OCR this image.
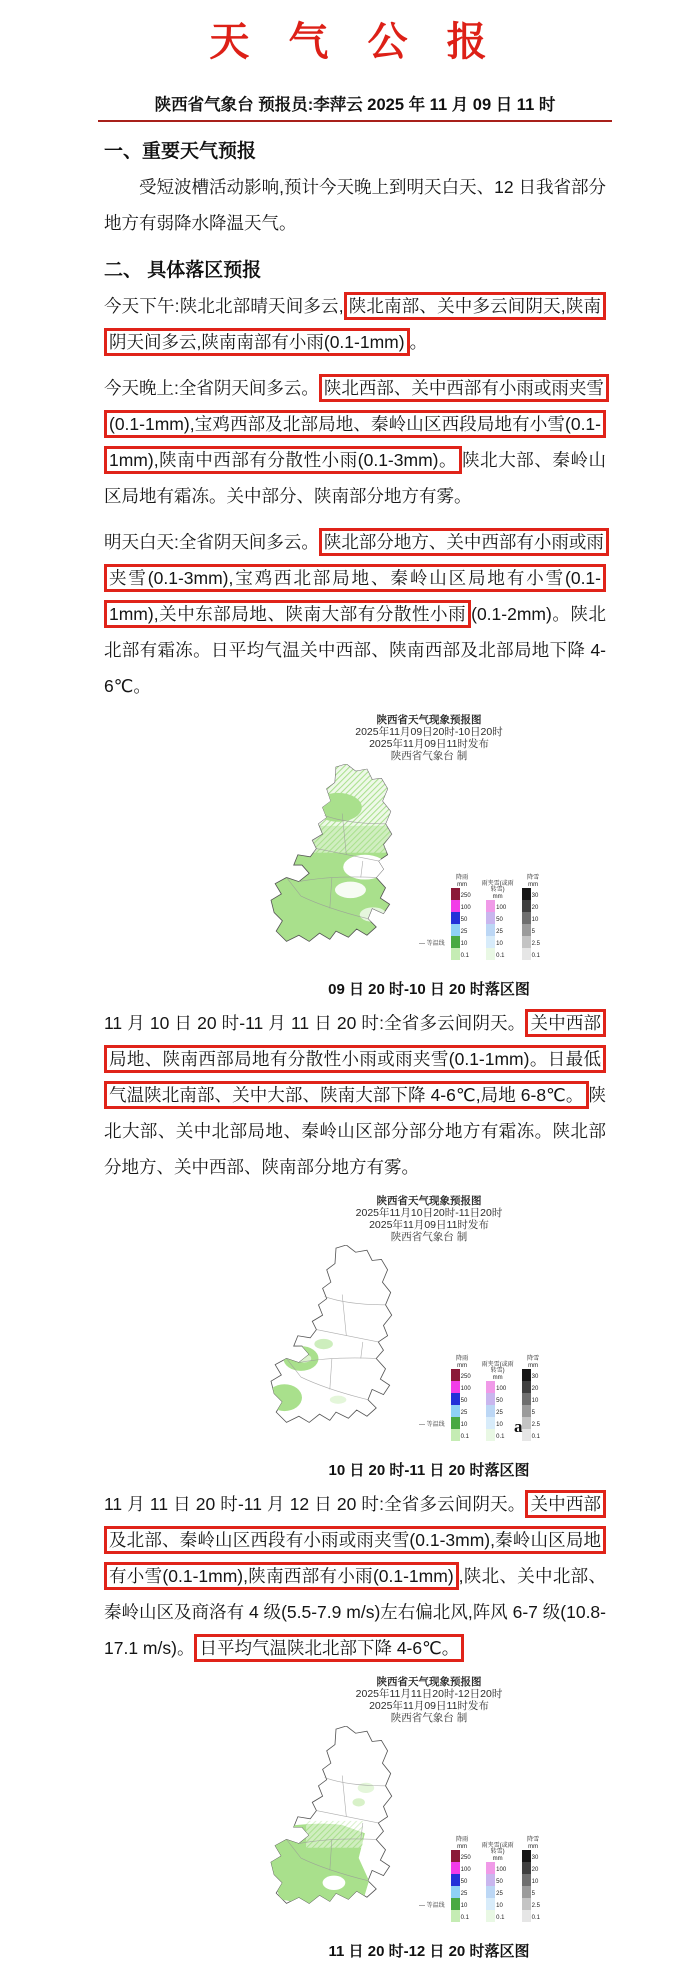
天 气 公 报
陕西省气象台 预报员:李萍云 2025 年 11 月 09 日 11 时
一、重要天气预报

受短波槽活动影响,预计今天晚上到明天白天、12 日我省部分地方有弱降水降温天气。

二、 具体落区预报

今天下午:陕北北部晴天间多云, 陕北南部、关中多云间阴天,陕南阴天间多云,陕南南部有小雨(0.1-1mm) 。

今天晚上:全省阴天间多云。 陕北西部、关中西部有小雨或雨夹雪(0.1-1mm),宝鸡西部及北部局地、秦岭山区西段局地有小雪(0.1-1mm),陕南中西部有分散性小雨(0.1-3mm)。 陕北大部、秦岭山区局地有霜冻。关中部分、陕南部分地方有雾。

明天白天:全省阴天间多云。 陕北部分地方、关中西部有小雨或雨夹雪(0.1-3mm),宝鸡西北部局地、秦岭山区局地有小雪(0.1-1mm),关中东部局地、陕南大部有分散性小雨 (0.1-2mm)。陕北北部有霜冻。日平均气温关中西部、陕南西部及北部局地下降 4-6℃。

陕西省天气现象预报图
2025年11月09日20时-10日20时
2025年11月09日11时发布
陕西省气象台 制
— 等温线
降雨
mm
250
100
50
25
10
0.1
雨夹雪(或雨转雪)
mm
100
50
25
10
0.1
降雪
mm
30
20
10
5
2.5
0.1
09 日 20 时-10 日 20 时落区图

11 月 10 日 20 时-11 月 11 日 20 时:全省多云间阴天。 关中西部局地、陕南西部局地有分散性小雨或雨夹雪(0.1-1mm)。日最低气温陕北南部、关中大部、陕南大部下降 4-6℃,局地 6-8℃。 陕北大部、关中北部局地、秦岭山区部分部分地方有霜冻。陕北部分地方、关中西部、陕南部分地方有雾。

陕西省天气现象预报图
2025年11月10日20时-11日20时
2025年11月09日11时发布
陕西省气象台 制
— 等温线
降雨
mm
250
100
50
25
10
0.1
雨夹雪(或雨转雪)
mm
100
50
25
10
0.1
降雪
mm
30
20
10
5
2.5
0.1
a
10 日 20 时-11 日 20 时落区图

11 月 11 日 20 时-11 月 12 日 20 时:全省多云间阴天。 关中西部及北部、秦岭山区西段有小雨或雨夹雪(0.1-3mm),秦岭山区局地有小雪(0.1-1mm),陕南西部有小雨(0.1-1mm) ,陕北、关中北部、秦岭山区及商洛有 4 级(5.5-7.9 m/s)左右偏北风,阵风 6-7 级(10.8-17.1 m/s)。 日平均气温陕北北部下降 4-6℃。

陕西省天气现象预报图
2025年11月11日20时-12日20时
2025年11月09日11时发布
陕西省气象台 制
— 等温线
降雨
mm
250
100
50
25
10
0.1
雨夹雪(或雨转雪)
mm
100
50
25
10
0.1
降雪
mm
30
20
10
5
2.5
0.1
11 日 20 时-12 日 20 时落区图
